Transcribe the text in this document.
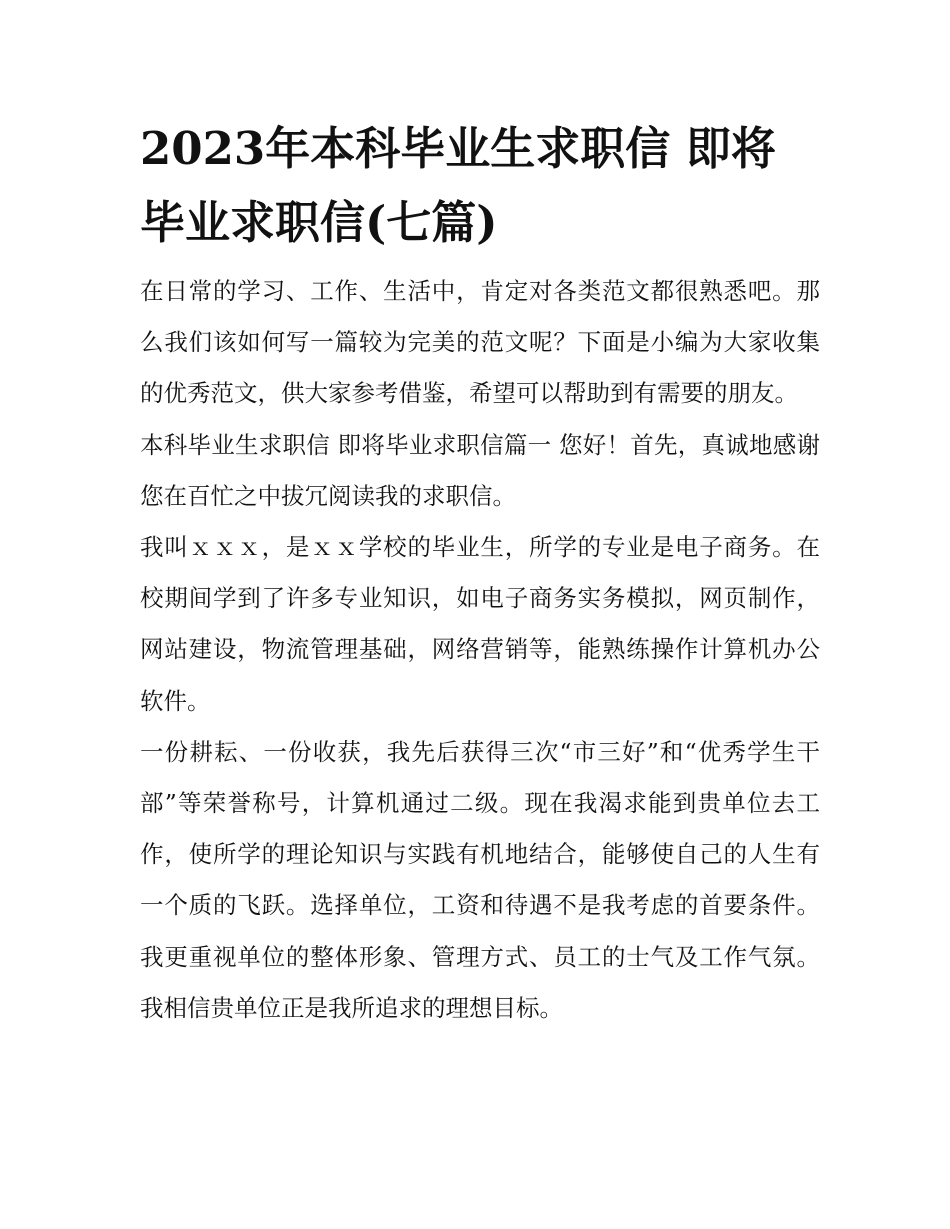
2023年本科毕业生求职信 即将毕业求职信(七篇)

在日常的学习、工作、生活中，肯定对各类范文都很熟悉吧。那么我们该如何写一篇较为完美的范文呢？下面是小编为大家收集的优秀范文，供大家参考借鉴，希望可以帮助到有需要的朋友。

本科毕业生求职信 即将毕业求职信篇一 您好！首先，真诚地感谢您在百忙之中拔冗阅读我的求职信。

我叫ｘｘｘ，是ｘｘ学校的毕业生，所学的专业是电子商务。在校期间学到了许多专业知识，如电子商务实务模拟，网页制作，网站建设，物流管理基础，网络营销等，能熟练操作计算机办公软件。

一份耕耘、一份收获，我先后获得三次“市三好”和“优秀学生干部”等荣誉称号，计算机通过二级。现在我渴求能到贵单位去工作，使所学的理论知识与实践有机地结合，能够使自己的人生有一个质的飞跃。选择单位，工资和待遇不是我考虑的首要条件。我更重视单位的整体形象、管理方式、员工的士气及工作气氛。我相信贵单位正是我所追求的理想目标。
